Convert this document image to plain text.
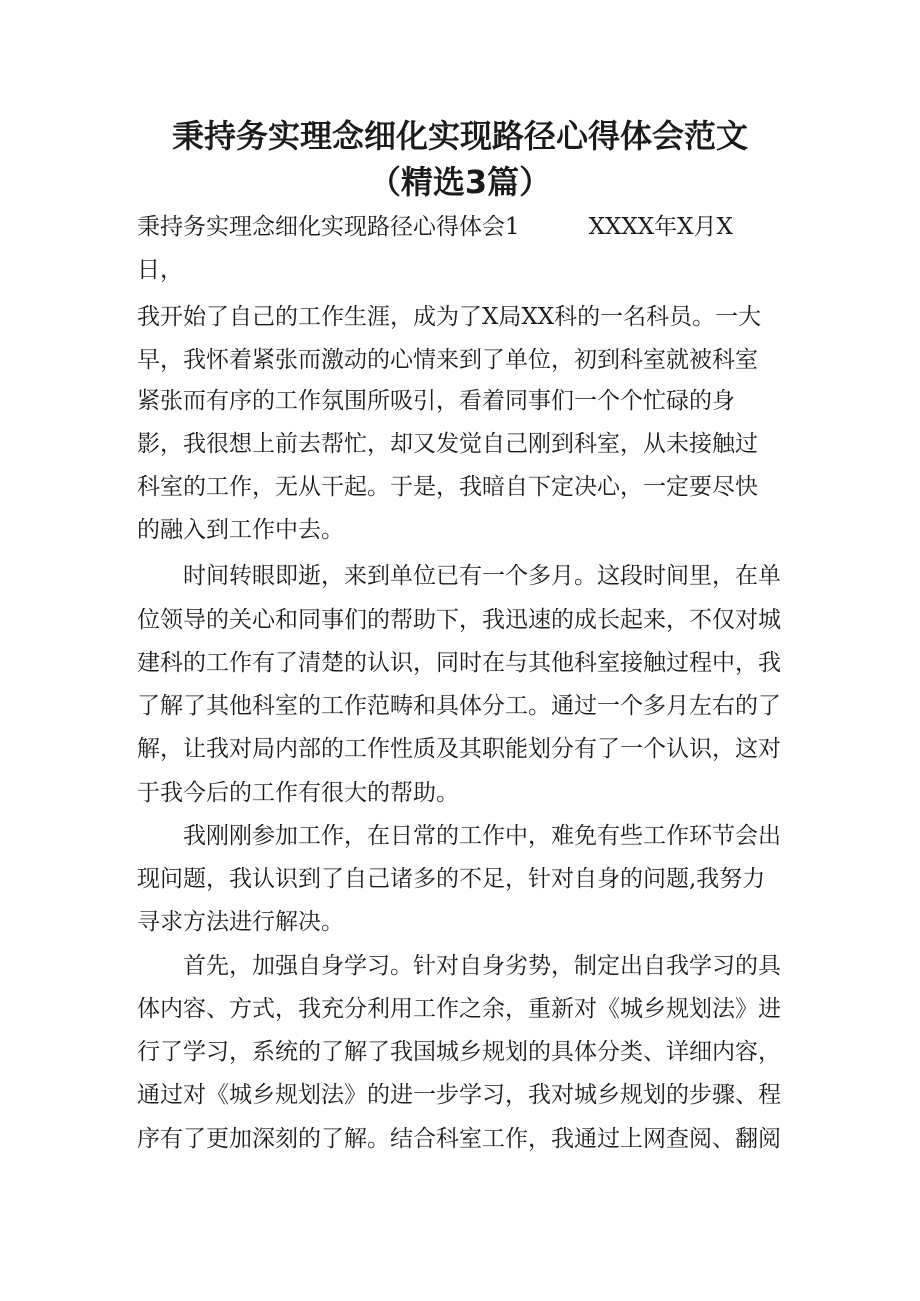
秉持务实理念细化实现路径心得体会范文
（精选3篇）
秉持务实理念细化实现路径心得体会1　　　XXXX年X月X
日，
我开始了自己的工作生涯，成为了X局XX科的一名科员。一大
早，我怀着紧张而激动的心情来到了单位，初到科室就被科室
紧张而有序的工作氛围所吸引，看着同事们一个个忙碌的身
影，我很想上前去帮忙，却又发觉自己刚到科室，从未接触过
科室的工作，无从干起。于是，我暗自下定决心，一定要尽快
的融入到工作中去。
　　时间转眼即逝，来到单位已有一个多月。这段时间里，在单
位领导的关心和同事们的帮助下，我迅速的成长起来，不仅对城
建科的工作有了清楚的认识，同时在与其他科室接触过程中，我
了解了其他科室的工作范畴和具体分工。通过一个多月左右的了
解，让我对局内部的工作性质及其职能划分有了一个认识，这对
于我今后的工作有很大的帮助。
　　我刚刚参加工作，在日常的工作中，难免有些工作环节会出
现问题，我认识到了自己诸多的不足，针对自身的问题,我努力
寻求方法进行解决。
　　首先，加强自身学习。针对自身劣势，制定出自我学习的具
体内容、方式，我充分利用工作之余，重新对《城乡规划法》进
行了学习，系统的了解了我国城乡规划的具体分类、详细内容，
通过对《城乡规划法》的进一步学习，我对城乡规划的步骤、程
序有了更加深刻的了解。结合科室工作，我通过上网查阅、翻阅
